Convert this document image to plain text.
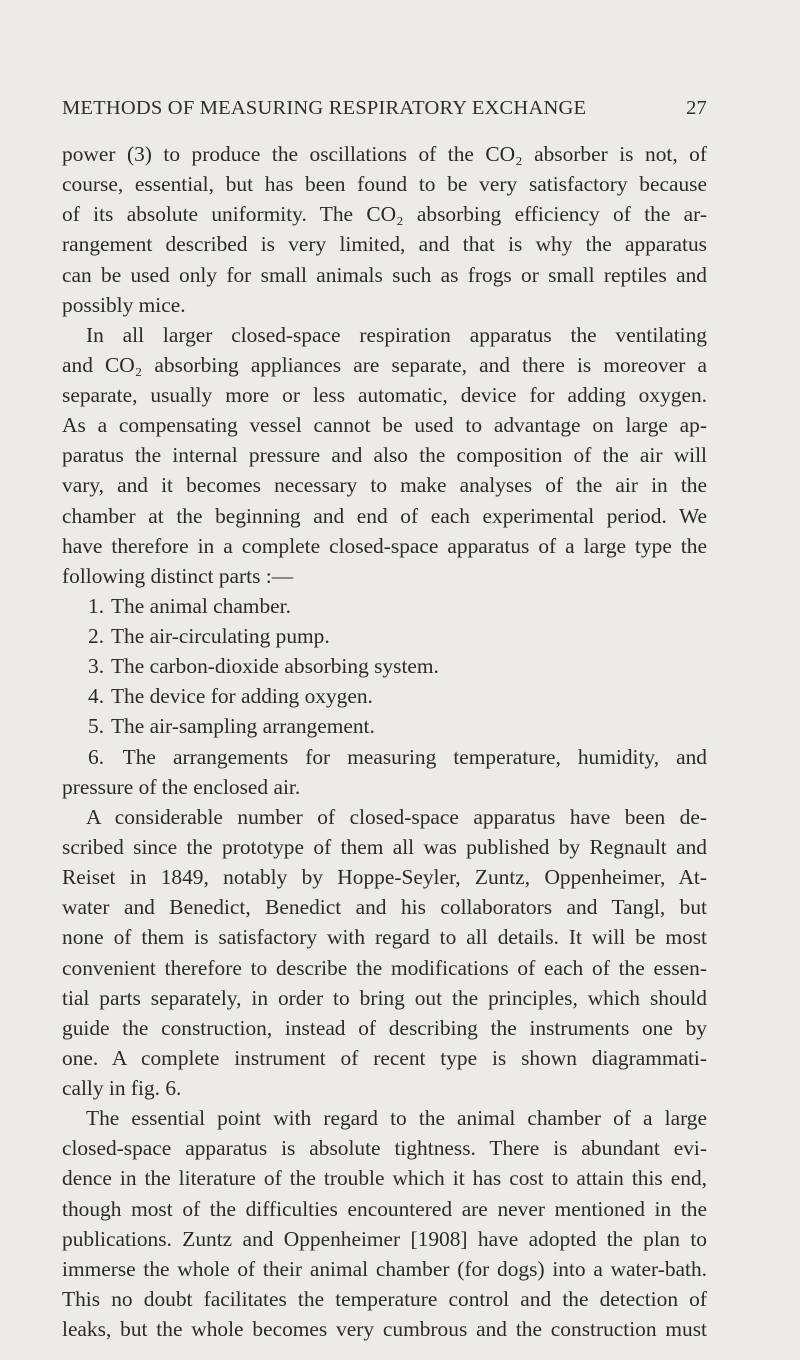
METHODS OF MEASURING RESPIRATORY EXCHANGE	27
power (3) to produce the oscillations of the CO₂ absorber is not, of
course, essential, but has been found to be very satisfactory because
of its absolute uniformity. The CO₂ absorbing efficiency of the ar-
rangement described is very limited, and that is why the apparatus
can be used only for small animals such as frogs or small reptiles and
possibly mice.
In all larger closed-space respiration apparatus the ventilating
and CO₂ absorbing appliances are separate, and there is moreover a
separate, usually more or less automatic, device for adding oxygen.
As a compensating vessel cannot be used to advantage on large ap-
paratus the internal pressure and also the composition of the air will
vary, and it becomes necessary to make analyses of the air in the
chamber at the beginning and end of each experimental period. We
have therefore in a complete closed-space apparatus of a large type the
following distinct parts :—
1. The animal chamber.
2. The air-circulating pump.
3. The carbon-dioxide absorbing system.
4. The device for adding oxygen.
5. The air-sampling arrangement.
6. The arrangements for measuring temperature, humidity, and
pressure of the enclosed air.
A considerable number of closed-space apparatus have been de-
scribed since the prototype of them all was published by Regnault and
Reiset in 1849, notably by Hoppe-Seyler, Zuntz, Oppenheimer, At-
water and Benedict, Benedict and his collaborators and Tangl, but
none of them is satisfactory with regard to all details. It will be most
convenient therefore to describe the modifications of each of the essen-
tial parts separately, in order to bring out the principles, which should
guide the construction, instead of describing the instruments one by
one. A complete instrument of recent type is shown diagrammati-
cally in fig. 6.
The essential point with regard to the animal chamber of a large
closed-space apparatus is absolute tightness. There is abundant evi-
dence in the literature of the trouble which it has cost to attain this end,
though most of the difficulties encountered are never mentioned in the
publications. Zuntz and Oppenheimer [1908] have adopted the plan to
immerse the whole of their animal chamber (for dogs) into a water-bath.
This no doubt facilitates the temperature control and the detection of
leaks, but the whole becomes very cumbrous and the construction must
